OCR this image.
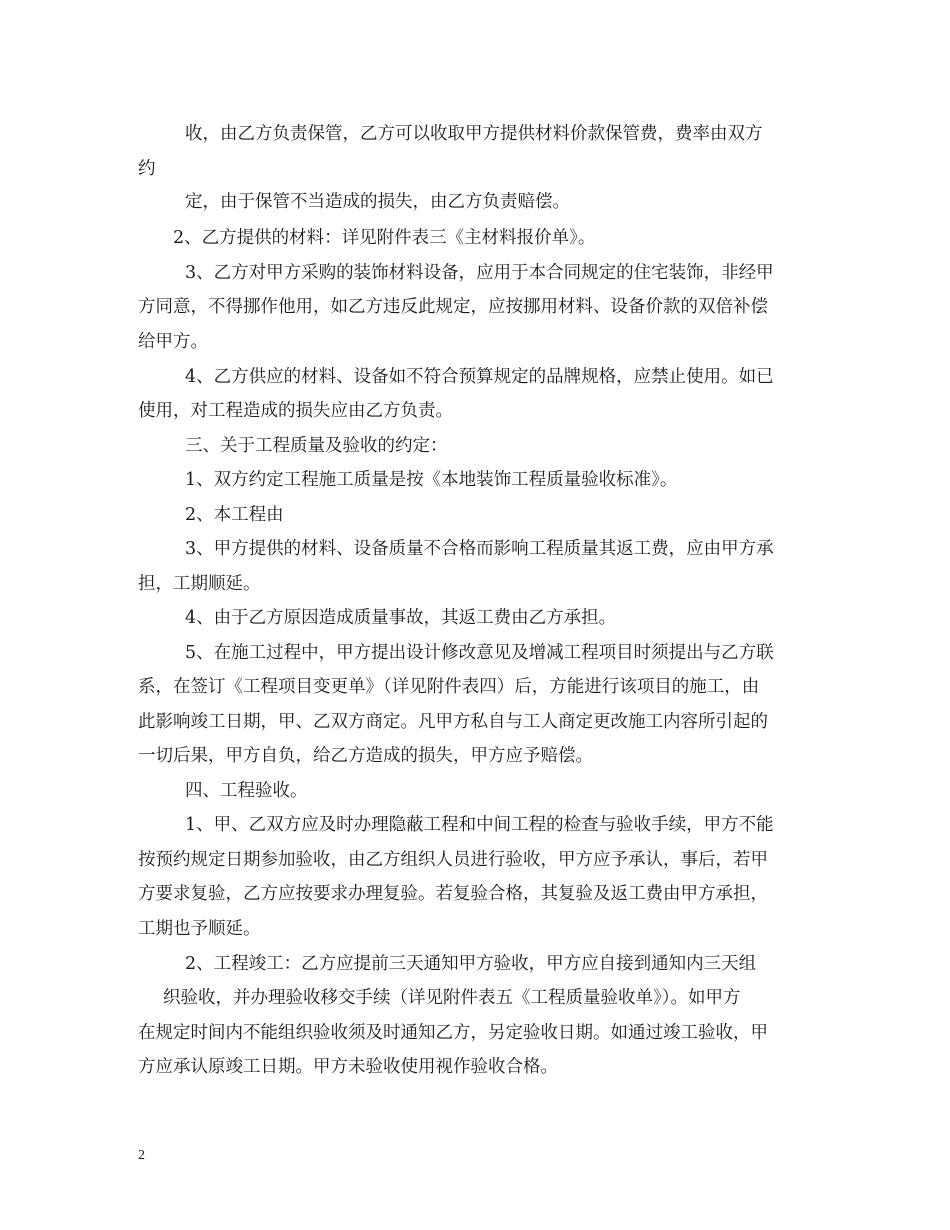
收，由乙方负责保管，乙方可以收取甲方提供材料价款保管费，费率由双方
约
定，由于保管不当造成的损失，由乙方负责赔偿。
2、乙方提供的材料：详见附件表三《主材料报价单》。
3、乙方对甲方采购的装饰材料设备，应用于本合同规定的住宅装饰，非经甲
方同意，不得挪作他用，如乙方违反此规定，应按挪用材料、设备价款的双倍补偿
给甲方。
4、乙方供应的材料、设备如不符合预算规定的品牌规格，应禁止使用。如已
使用，对工程造成的损失应由乙方负责。
三、关于工程质量及验收的约定：
1、双方约定工程施工质量是按《本地装饰工程质量验收标准》。
2、本工程由
3、甲方提供的材料、设备质量不合格而影响工程质量其返工费，应由甲方承
担，工期顺延。
4、由于乙方原因造成质量事故，其返工费由乙方承担。
5、在施工过程中，甲方提出设计修改意见及增减工程项目时须提出与乙方联
系，在签订《工程项目变更单》（详见附件表四）后，方能进行该项目的施工，由
此影响竣工日期，甲、乙双方商定。凡甲方私自与工人商定更改施工内容所引起的
一切后果，甲方自负，给乙方造成的损失，甲方应予赔偿。
四、工程验收。
1、甲、乙双方应及时办理隐蔽工程和中间工程的检查与验收手续，甲方不能
按预约规定日期参加验收，由乙方组织人员进行验收，甲方应予承认，事后，若甲
方要求复验，乙方应按要求办理复验。若复验合格，其复验及返工费由甲方承担，
工期也予顺延。
2、工程竣工：乙方应提前三天通知甲方验收，甲方应自接到通知内三天组
织验收，并办理验收移交手续（详见附件表五《工程质量验收单》）。如甲方
在规定时间内不能组织验收须及时通知乙方，另定验收日期。如通过竣工验收，甲
方应承认原竣工日期。甲方未验收使用视作验收合格。
2
